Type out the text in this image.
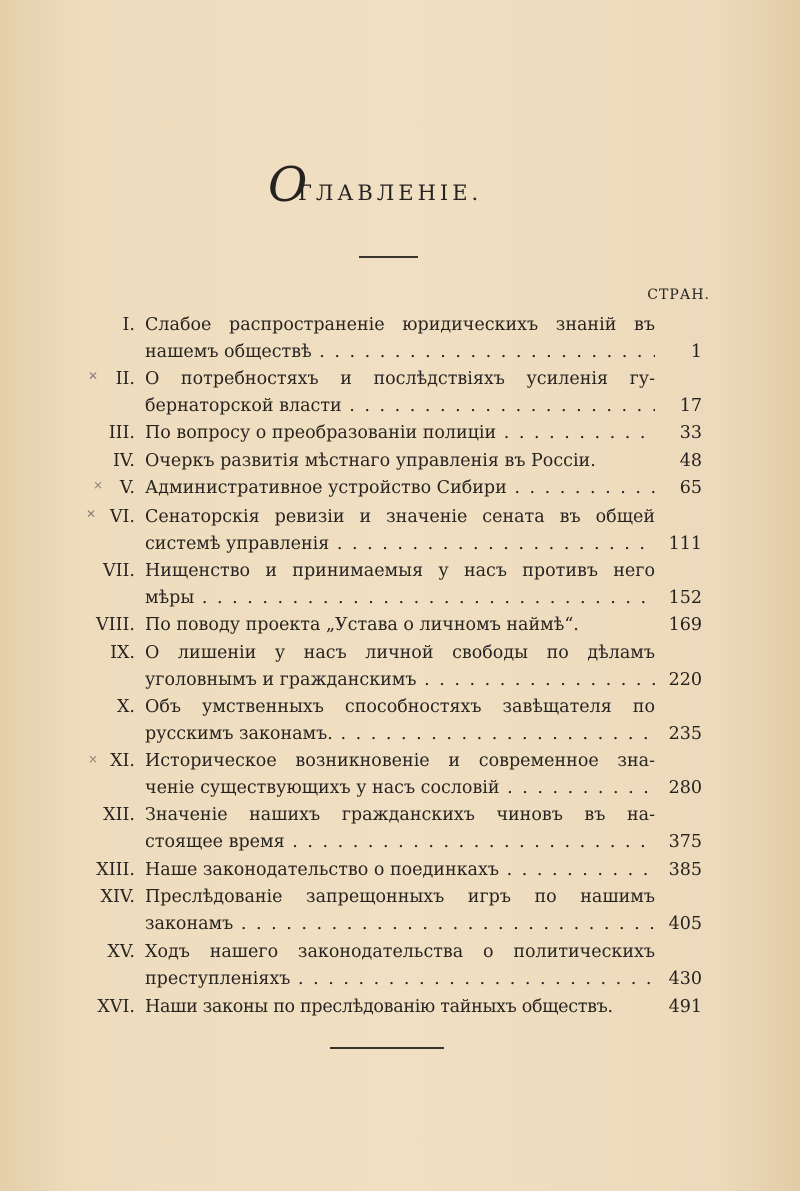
О
ГЛАВЛЕНІЕ.
СТРАН.
I. Слабое распространеніе юридическихъ знаній въ
нашемъ обществѣ . . .	1
✕	II. О потребностяхъ и послѣдствіяхъ усиленія гу-
бернаторской власти . . .	17
III. По вопросу о преобразованіи полиціи . . .	33
IV. Очеркъ развитія мѣстнаго управленія въ Россіи.	48
× V. Административное устройство Сибири . . .	65
✕ VI. Сенаторскія ревизіи и значеніе сената въ общей
системѣ управленія . . .	111
VII. Нищенство и принимаемыя у насъ противъ него
мѣры . . .	152
VIII. По поводу проекта „Устава о личномъ наймѣ“.	169
IX. О лишеніи у насъ личной свободы по дѣламъ
уголовнымъ и гражданскимъ . . .	220
X. Объ умственныхъ способностяхъ завѣщателя по
русскимъ законамъ. . . .	235
× XI. Историческое возникновеніе и современное зна-
ченіе существующихъ у насъ сословій . . .	280
XII. Значеніе нашихъ гражданскихъ чиновъ въ на-
стоящее время . . .	375
XIII. Наше законодательство о поединкахъ . . .	385
XIV. Преслѣдованіе запрещонныхъ игръ по нашимъ
законамъ . . .	405
XV. Ходъ нашего законодательства о политическихъ
преступленіяхъ . . .	430
XVI. Наши законы по преслѣдованію тайныхъ обществъ.	491
